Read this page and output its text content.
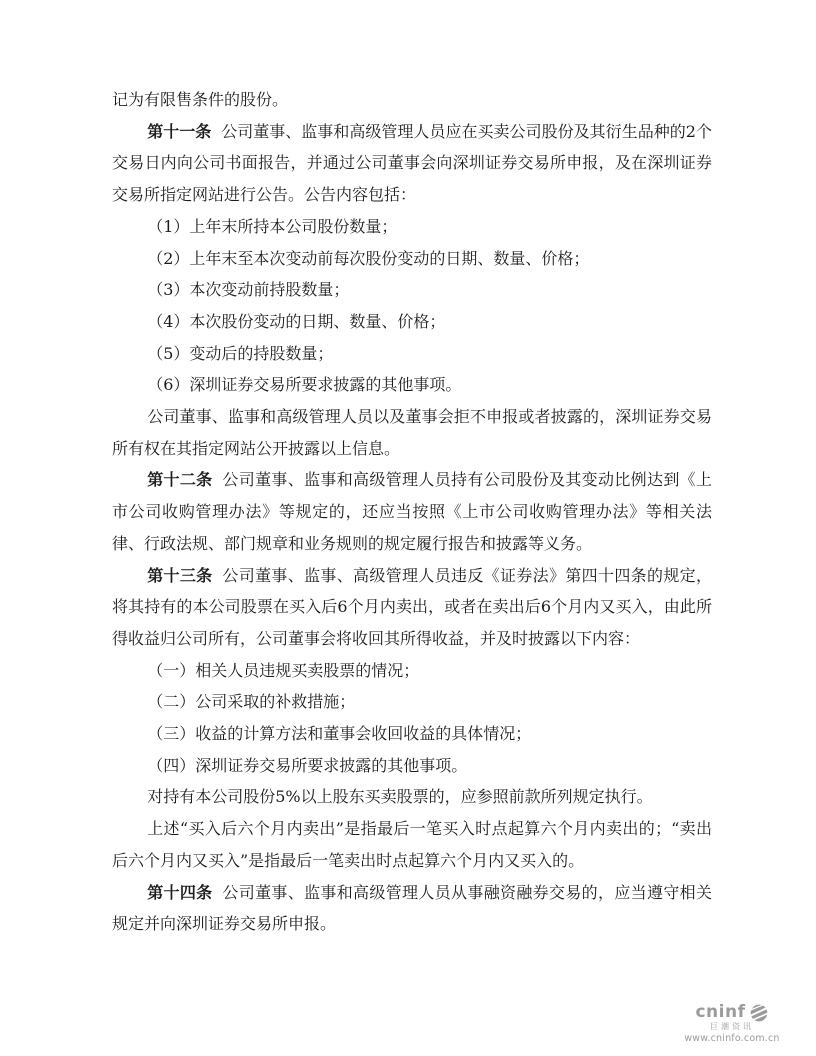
记为有限售条件的股份。

第十一条 公司董事、监事和高级管理人员应在买卖公司股份及其衍生品种的2个交易日内向公司书面报告，并通过公司董事会向深圳证券交易所申报，及在深圳证券交易所指定网站进行公告。公告内容包括：

（1）上年末所持本公司股份数量；

（2）上年末至本次变动前每次股份变动的日期、数量、价格；

（3）本次变动前持股数量；

（4）本次股份变动的日期、数量、价格；

（5）变动后的持股数量；

（6）深圳证券交易所要求披露的其他事项。

公司董事、监事和高级管理人员以及董事会拒不申报或者披露的，深圳证券交易所有权在其指定网站公开披露以上信息。

第十二条 公司董事、监事和高级管理人员持有公司股份及其变动比例达到《上市公司收购管理办法》等规定的，还应当按照《上市公司收购管理办法》等相关法律、行政法规、部门规章和业务规则的规定履行报告和披露等义务。

第十三条 公司董事、监事、高级管理人员违反《证券法》第四十四条的规定，将其持有的本公司股票在买入后6个月内卖出，或者在卖出后6个月内又买入，由此所得收益归公司所有，公司董事会将收回其所得收益，并及时披露以下内容：

（一）相关人员违规买卖股票的情况；

（二）公司采取的补救措施；

（三）收益的计算方法和董事会收回收益的具体情况；

（四）深圳证券交易所要求披露的其他事项。

对持有本公司股份5%以上股东买卖股票的，应参照前款所列规定执行。

上述“买入后六个月内卖出”是指最后一笔买入时点起算六个月内卖出的；“卖出后六个月内又买入”是指最后一笔卖出时点起算六个月内又买入的。

第十四条 公司董事、监事和高级管理人员从事融资融券交易的，应当遵守相关规定并向深圳证券交易所申报。

cninf
巨潮资讯
www.cninfo.com.cn
